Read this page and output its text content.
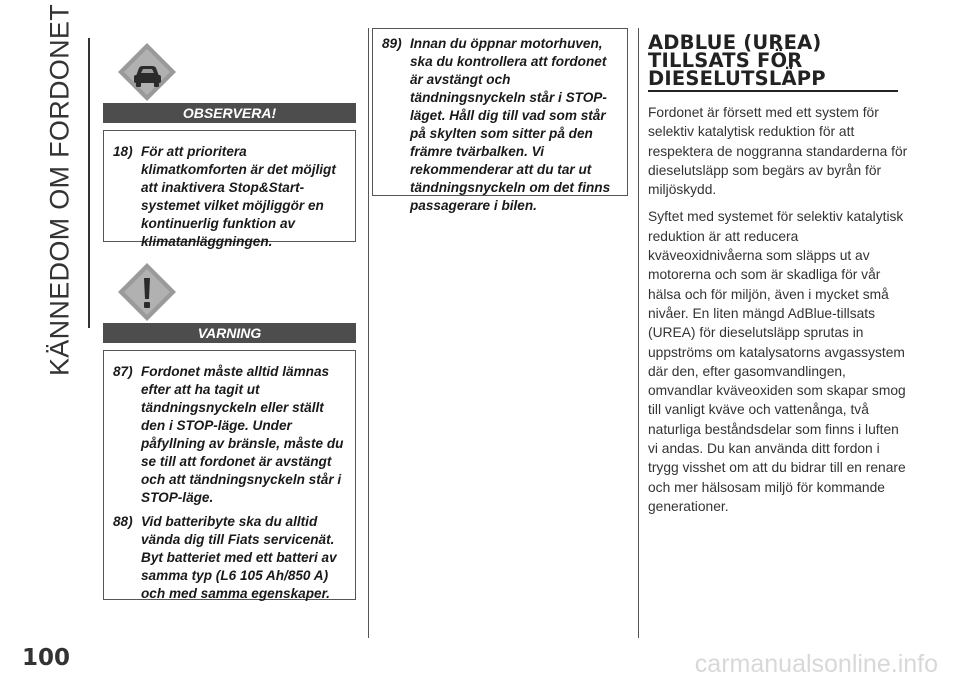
KÄNNEDOM OM FORDONET
100
OBSERVERA!
18) För att prioritera klimatkomforten är det möjligt att inaktivera Stop&Start-systemet vilket möjliggör en kontinuerlig funktion av klimatanläggningen.
VARNING
87) Fordonet måste alltid lämnas efter att ha tagit ut tändningsnyckeln eller ställt den i STOP-läge. Under påfyllning av bränsle, måste du se till att fordonet är avstängt och att tändningsnyckeln står i STOP-läge.
88) Vid batteribyte ska du alltid vända dig till Fiats servicenät. Byt batteriet med ett batteri av samma typ (L6 105 Ah/850 A) och med samma egenskaper.
89) Innan du öppnar motorhuven, ska du kontrollera att fordonet är avstängt och tändningsnyckeln står i STOP-läget. Håll dig till vad som står på skylten som sitter på den främre tvärbalken. Vi rekommenderar att du tar ut tändningsnyckeln om det finns passagerare i bilen.
ADBLUE (UREA)
TILLSATS FÖR
DIESELUTSLÄPP

Fordonet är försett med ett system för selektiv katalytisk reduktion för att respektera de noggranna standarderna för dieselutsläpp som begärs av byrån för miljöskydd.

Syftet med systemet för selektiv katalytisk reduktion är att reducera kväveoxidnivåerna som släpps ut av motorerna och som är skadliga för vår hälsa och för miljön, även i mycket små nivåer. En liten mängd AdBlue-tillsats (UREA) för dieselutsläpp sprutas in uppströms om katalysatorns avgassystem där den, efter gasomvandlingen, omvandlar kväveoxiden som skapar smog till vanligt kväve och vattenånga, två naturliga beståndsdelar som finns i luften vi andas. Du kan använda ditt fordon i trygg visshet om att du bidrar till en renare och mer hälsosam miljö för kommande generationer.

carmanualsonline.info
